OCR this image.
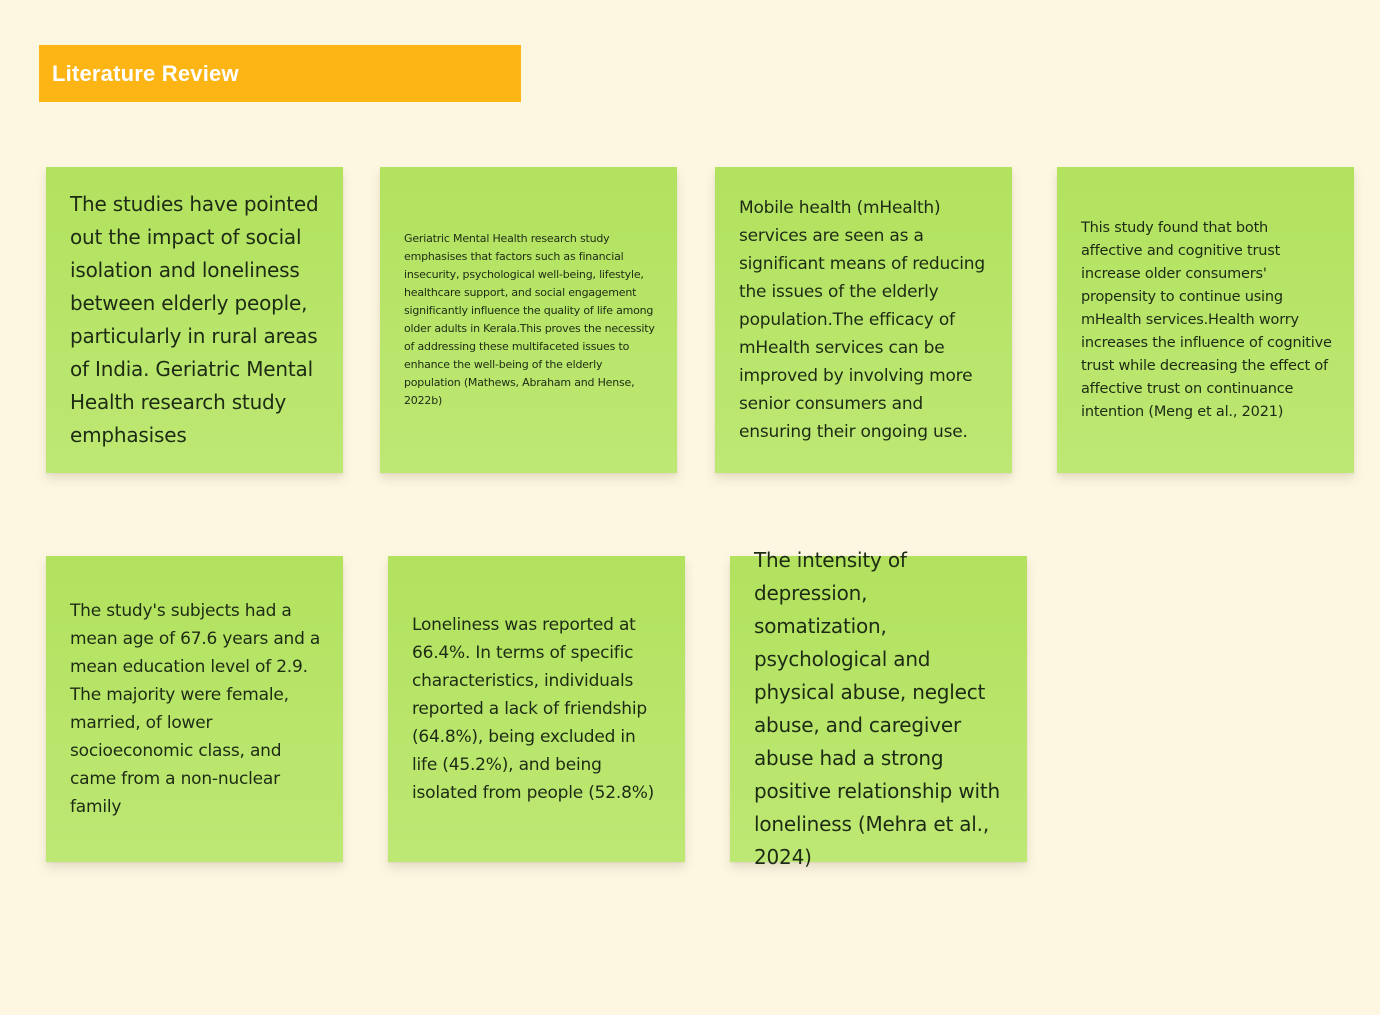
Literature Review

The studies have pointed out the impact of social isolation and loneliness between elderly people, particularly in rural areas of India. Geriatric Mental Health research study emphasises

Geriatric Mental Health research study emphasises that factors such as financial insecurity, psychological well-being, lifestyle, healthcare support, and social engagement significantly influence the quality of life among older adults in Kerala.This proves the necessity of addressing these multifaceted issues to enhance the well-being of the elderly population (Mathews, Abraham and Hense, 2022b)

Mobile health (mHealth) services are seen as a significant means of reducing the issues of the elderly population.The efficacy of mHealth services can be improved by involving more senior consumers and ensuring their ongoing use.

This study found that both affective and cognitive trust increase older consumers' propensity to continue using mHealth services.Health worry increases the influence of cognitive trust while decreasing the effect of affective trust on continuance intention (Meng et al., 2021)

The study's subjects had a mean age of 67.6 years and a mean education level of 2.9. The majority were female, married, of lower socioeconomic class, and came from a non-nuclear family

Loneliness was reported at 66.4%. In terms of specific characteristics, individuals reported a lack of friendship (64.8%), being excluded in life (45.2%), and being isolated from people (52.8%)

The intensity of depression, somatization, psychological and physical abuse, neglect abuse, and caregiver abuse had a strong positive relationship with loneliness (Mehra et al., 2024)
